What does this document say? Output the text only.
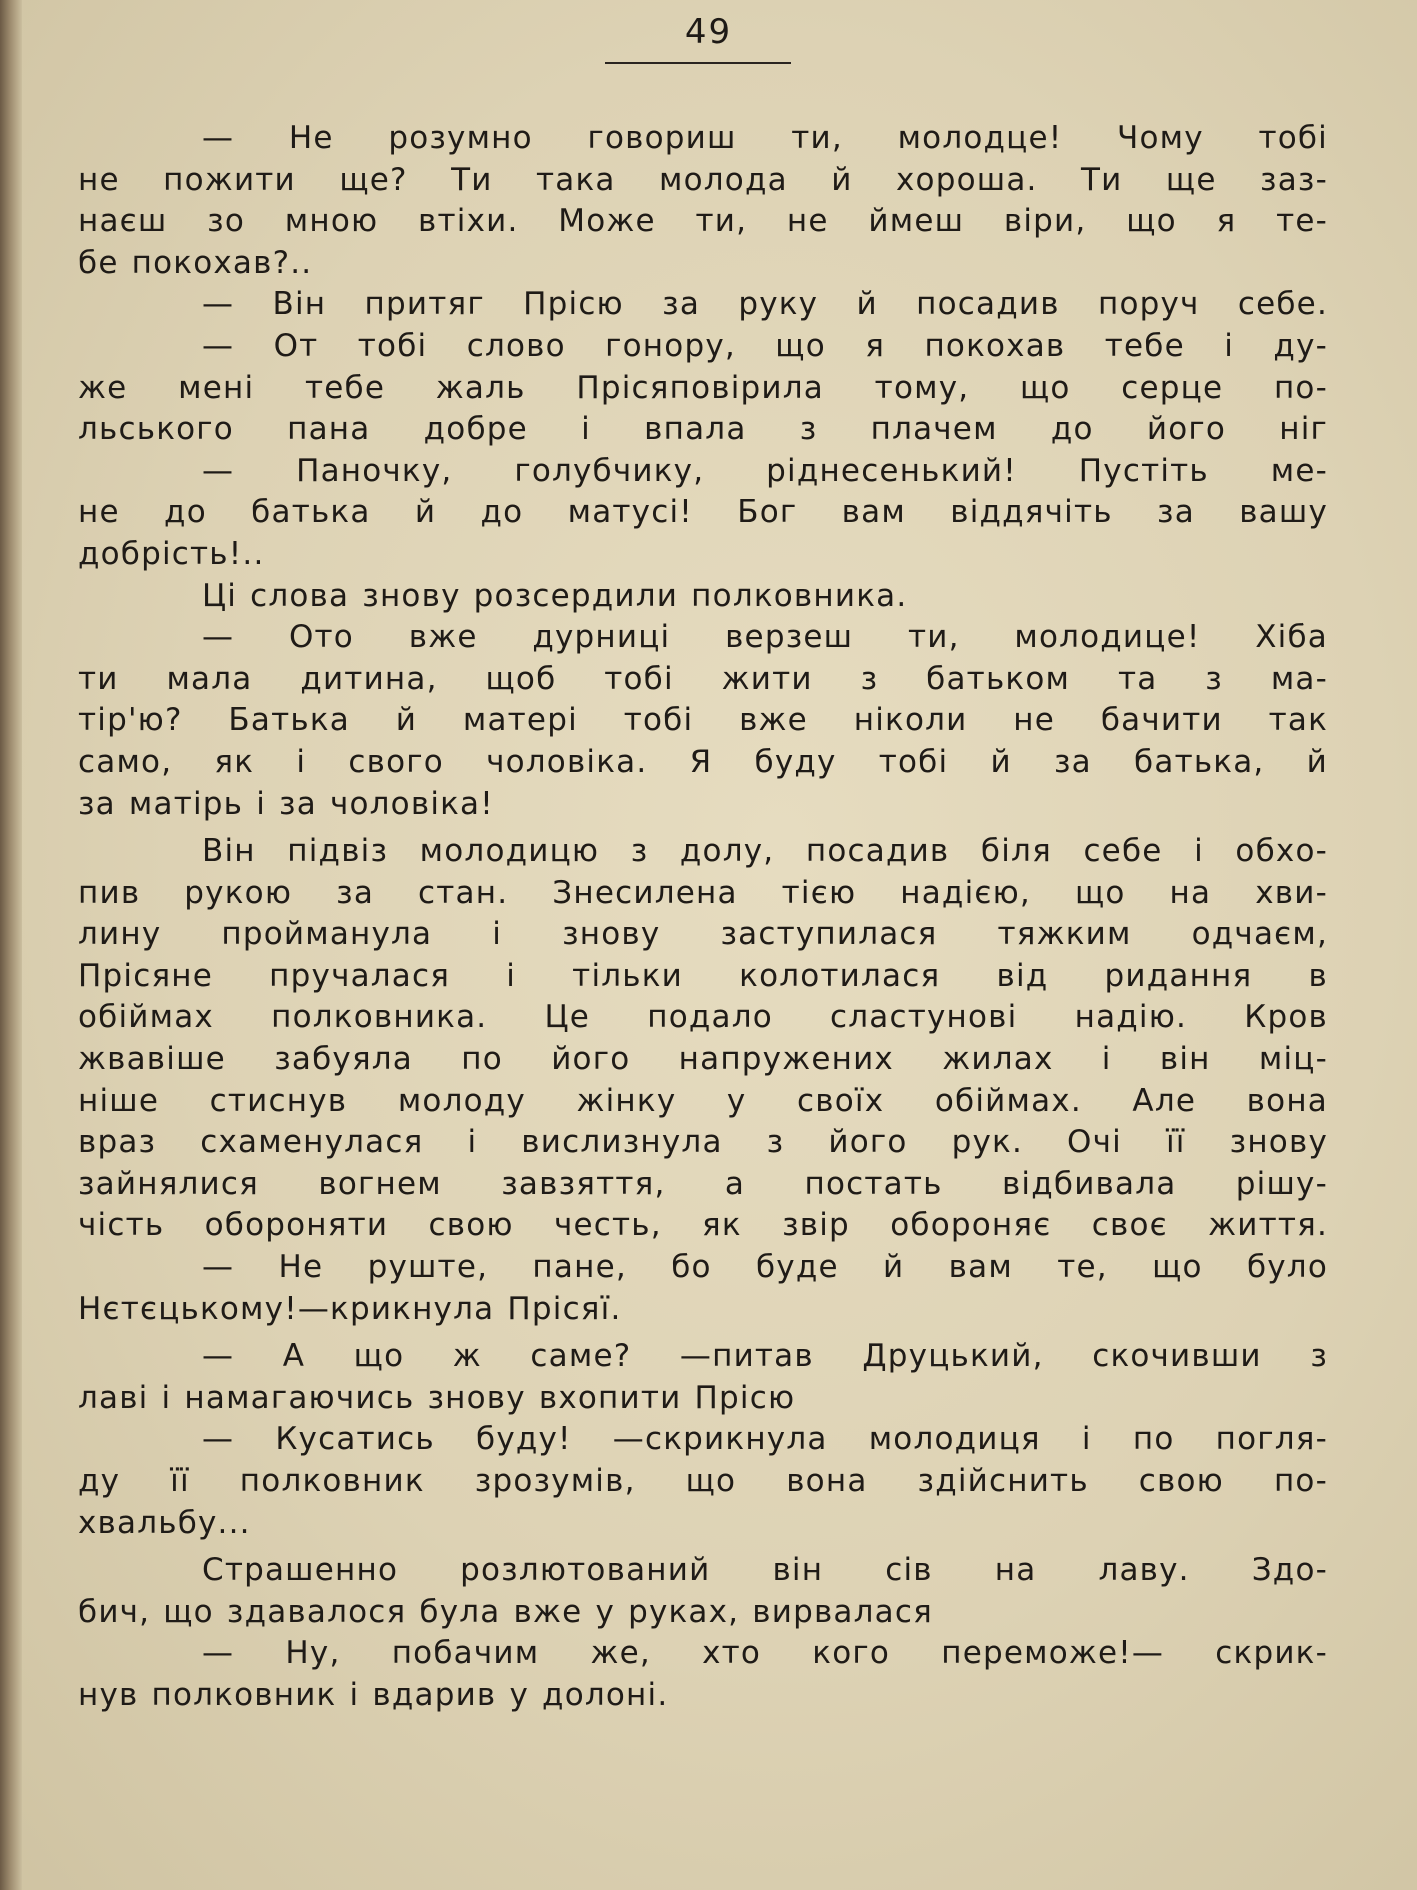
49
— Не розумно говориш ти, молодце! Чому тобі
не пожити ще? Ти така молода й хороша. Ти ще заз-
наєш зо мною втіхи. Може ти, не ймеш віри, що я те-
бе покохав?..
— Він притяг Прісю за руку й посадив поруч себе.
— От тобі слово гонору, що я покохав тебе і ду-
же мені тебе жаль Прісяповірила тому, що серце по-
льського пана добре і впала з плачем до його ніг
— Паночку, голубчику, ріднесенький! Пустіть ме-
не до батька й до матусі! Бог вам віддячіть за вашу
добрість!..
Ці слова знову розсердили полковника.
— Ото вже дурниці верзеш ти, молодице! Хіба
ти мала дитина, щоб тобі жити з батьком та з ма-
тір'ю? Батька й матері тобі вже ніколи не бачити так
само, як і свого чоловіка. Я буду тобі й за батька, й
за матірь і за чоловіка!
Він підвіз молодицю з долу, посадив біля себе і обхо-
пив рукою за стан. Знесилена тією надією, що на хви-
лину пройманула і знову заступилася тяжким одчаєм,
Прісяне пручалася і тільки колотилася від ридання в
обіймах полковника. Це подало сластунові надію. Кров
жвавіше забуяла по його напружених жилах і він міц-
ніше стиснув молоду жінку у своїх обіймах. Але вона
враз схаменулася і вислизнула з його рук. Очі її знову
зайнялися вогнем завзяття, а постать відбивала рішу-
чість обороняти свою честь, як звір обороняє своє життя.
— Не руште, пане, бо буде й вам те, що було
Нєтєцькому!—крикнула Прісяї.
— А що ж саме? —питав Друцький, скочивши з
лаві і намагаючись знову вхопити Прісю
— Кусатись буду! —скрикнула молодиця і по погля-
ду її полковник зрозумів, що вона здійснить свою по-
хвальбу...
Страшенно розлютований він сів на лаву. Здо-
бич, що здавалося була вже у руках, вирвалася
— Ну, побачим же, хто кого переможе!— скрик-
нув полковник і вдарив у долоні.
